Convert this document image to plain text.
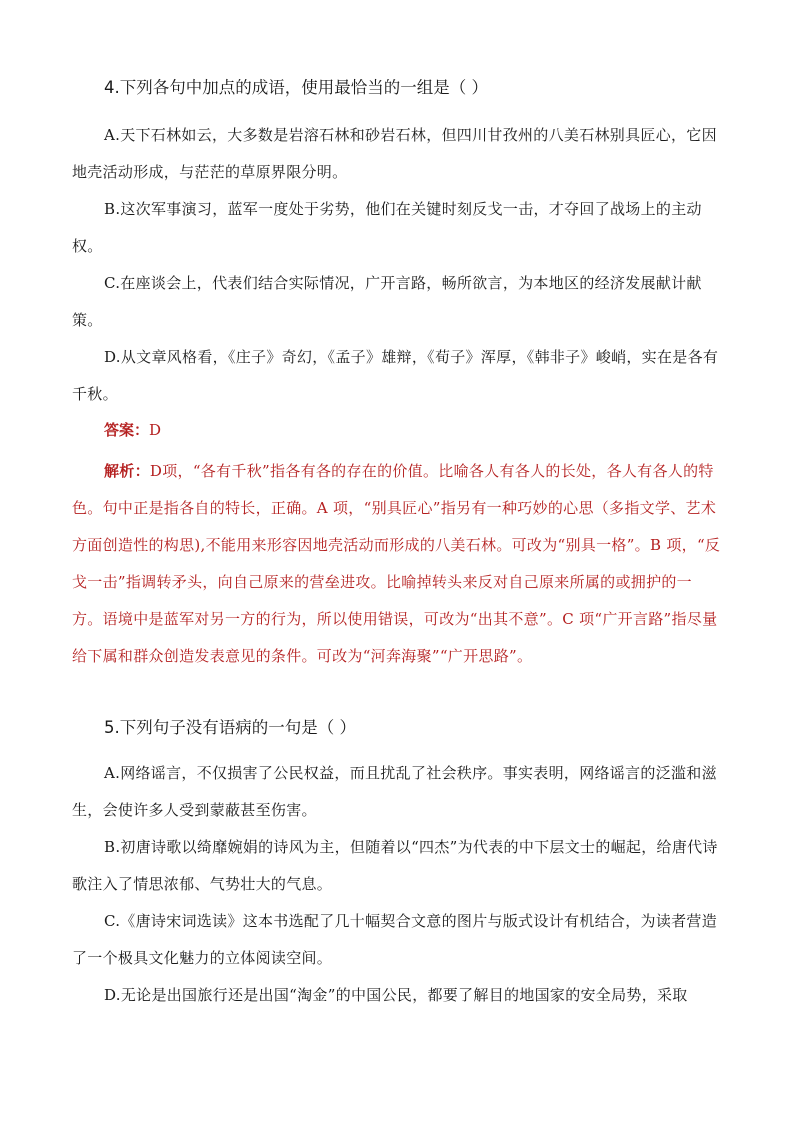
4.下列各句中加点的成语，使用最恰当的一组是（ ）

A.天下石林如云，大多数是岩溶石林和砂岩石林，但四川甘孜州的八美石林别具匠心，它因地壳活动形成，与茫茫的草原界限分明。

B.这次军事演习，蓝军一度处于劣势，他们在关键时刻反戈一击，才夺回了战场上的主动权。

C.在座谈会上，代表们结合实际情况，广开言路，畅所欲言，为本地区的经济发展献计献策。

D.从文章风格看，《庄子》奇幻，《孟子》雄辩，《荀子》浑厚，《韩非子》峻峭，实在是各有千秋。

答案：D

解析：D项，“各有千秋”指各有各的存在的价值。比喻各人有各人的长处，各人有各人的特色。句中正是指各自的特长，正确。A 项，“别具匠心”指另有一种巧妙的心思（多指文学、艺术方面创造性的构思),不能用来形容因地壳活动而形成的八美石林。可改为“别具一格”。B 项，“反戈一击”指调转矛头，向自己原来的营垒进攻。比喻掉转头来反对自己原来所属的或拥护的一方。语境中是蓝军对另一方的行为，所以使用错误，可改为“出其不意”。C 项“广开言路”指尽量给下属和群众创造发表意见的条件。可改为“河奔海聚”“广开思路”。

5.下列句子没有语病的一句是（ ）

A.网络谣言，不仅损害了公民权益，而且扰乱了社会秩序。事实表明，网络谣言的泛滥和滋生，会使许多人受到蒙蔽甚至伤害。

B.初唐诗歌以绮靡婉娟的诗风为主，但随着以“四杰”为代表的中下层文士的崛起，给唐代诗歌注入了情思浓郁、气势壮大的气息。

C.《唐诗宋词选读》这本书选配了几十幅契合文意的图片与版式设计有机结合，为读者营造了一个极具文化魅力的立体阅读空间。

D.无论是出国旅行还是出国“淘金”的中国公民，都要了解目的地国家的安全局势，采取
